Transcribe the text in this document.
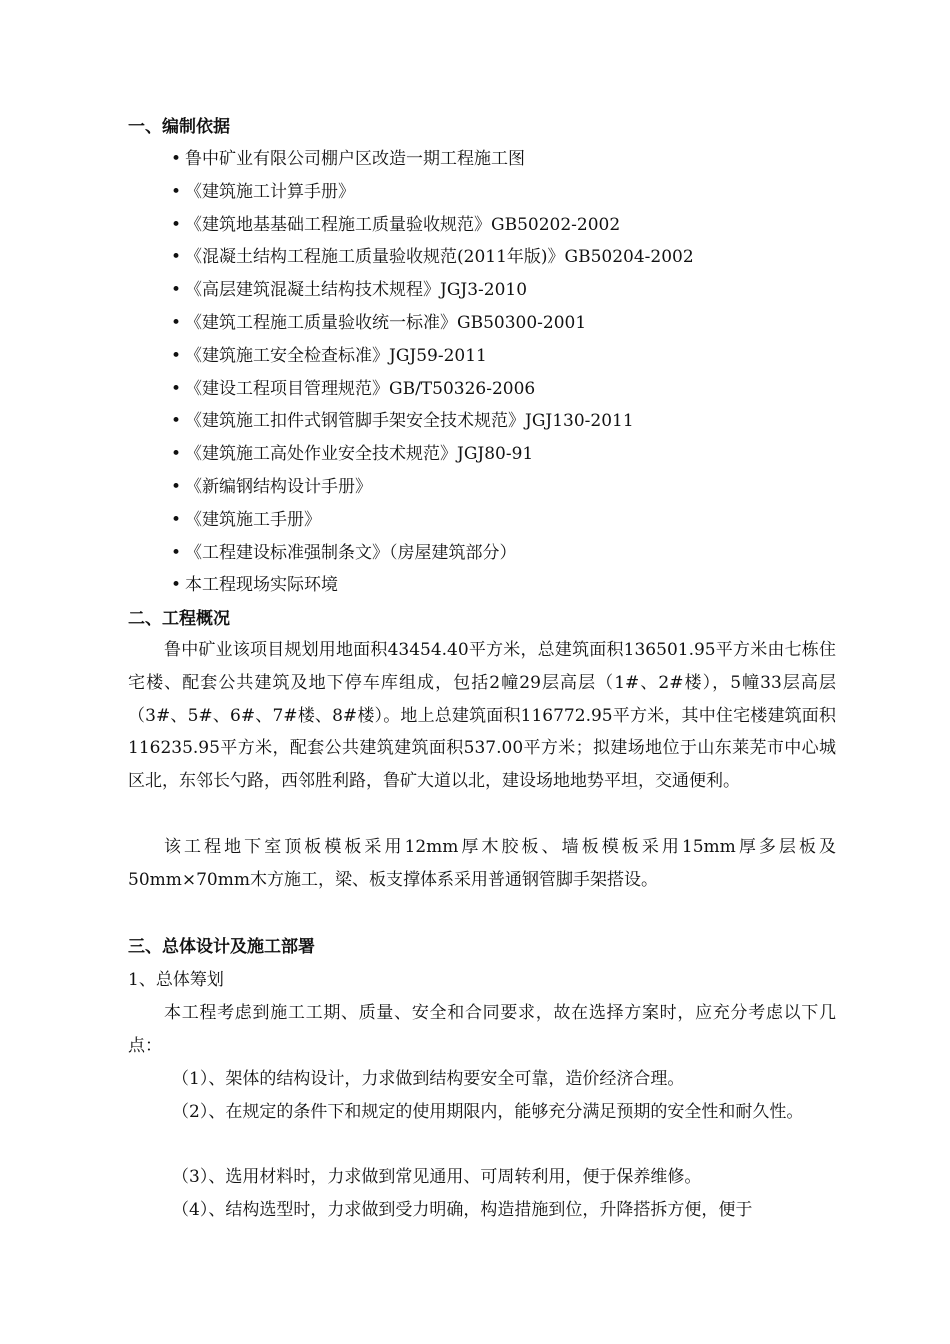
一、编制依据
• 鲁中矿业有限公司棚户区改造一期工程施工图
• 《建筑施工计算手册》
• 《建筑地基基础工程施工质量验收规范》GB50202-2002
• 《混凝土结构工程施工质量验收规范(2011年版)》GB50204-2002
• 《高层建筑混凝土结构技术规程》JGJ3-2010
• 《建筑工程施工质量验收统一标准》GB50300-2001
• 《建筑施工安全检查标准》JGJ59-2011
• 《建设工程项目管理规范》GB/T50326-2006
• 《建筑施工扣件式钢管脚手架安全技术规范》JGJ130-2011
• 《建筑施工高处作业安全技术规范》JGJ80-91
• 《新编钢结构设计手册》
• 《建筑施工手册》
• 《工程建设标准强制条文》（房屋建筑部分）
• 本工程现场实际环境
二、工程概况

鲁中矿业该项目规划用地面积43454.40平方米，总建筑面积136501.95平方米由七栋住宅楼、配套公共建筑及地下停车库组成，包括2幢29层高层（1#、2#楼），5幢33层高层（3#、5#、6#、7#楼、8#楼）。地上总建筑面积116772.95平方米，其中住宅楼建筑面积116235.95平方米，配套公共建筑建筑面积537.00平方米；拟建场地位于山东莱芜市中心城区北，东邻长勺路，西邻胜利路，鲁矿大道以北，建设场地地势平坦，交通便利。

该工程地下室顶板模板采用12mm厚木胶板、墙板模板采用15mm厚多层板及50mm×70mm木方施工，梁、板支撑体系采用普通钢管脚手架搭设。

三、总体设计及施工部署
1、总体筹划

本工程考虑到施工工期、质量、安全和合同要求，故在选择方案时，应充分考虑以下几点：

（1）、架体的结构设计，力求做到结构要安全可靠，造价经济合理。

（2）、在规定的条件下和规定的使用期限内，能够充分满足预期的安全性和耐久性。

（3）、选用材料时，力求做到常见通用、可周转利用，便于保养维修。

（4）、结构选型时，力求做到受力明确，构造措施到位，升降搭拆方便，便于
